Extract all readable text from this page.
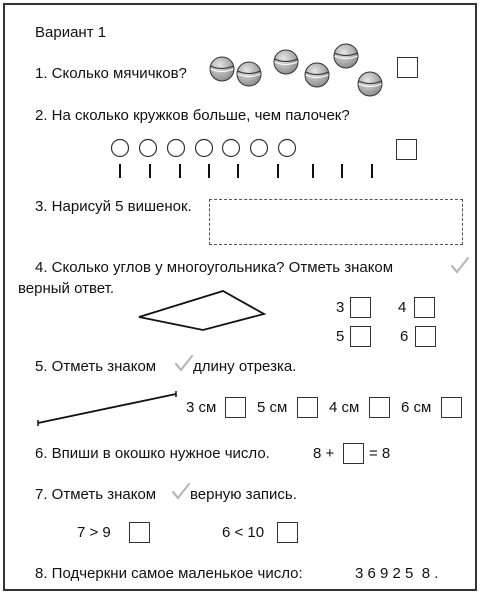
Вариант 1
1. Сколько мячичков?
2. На сколько кружков больше, чем палочек?
3. Нарисуй 5 вишенок.
4. Сколько углов у многоугольника? Отметь знаком
верный ответ.
3	4
5	6
5. Отметь знаком длину отрезка.
3 см	5 см	4 см	6 см
6. Впиши в окошко нужное число.	8 + = 8
7. Отметь знаком верную запись.
7 > 9	6 < 10
8. Подчеркни самое маленькое число:	3 6 9 2 5  8 .
